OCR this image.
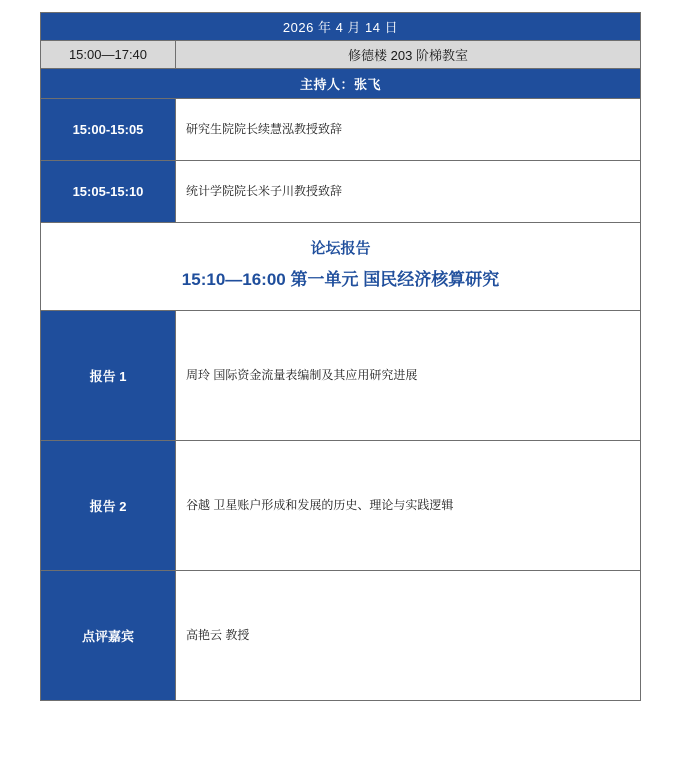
2026 年 4 月 14 日	
15:00—17:40	修德楼 203 阶梯教室
主持人：张飞	
15:00-15:05	研究生院院长续慧泓教授致辞
15:05-15:10	统计学院院长米子川教授致辞

论坛报告
15:10—16:00 第一单元 国民经济核算研究	

报告 1	周玲 国际资金流量表编制及其应用研究进展
报告 2	谷越 卫星账户形成和发展的历史、理论与实践逻辑
点评嘉宾	高艳云 教授
